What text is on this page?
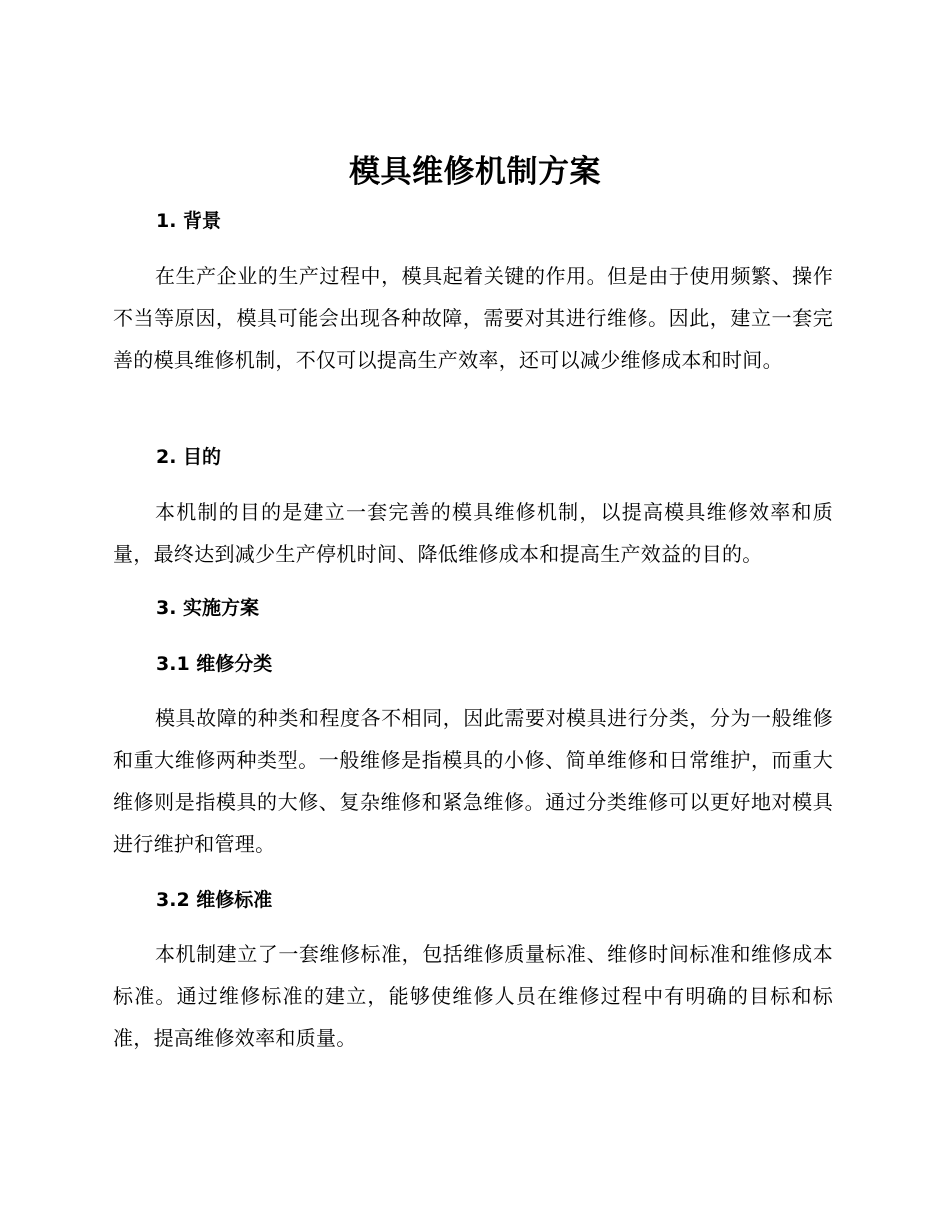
模具维修机制方案
1. 背景
在生产企业的生产过程中，模具起着关键的作用。但是由于使用频繁、操作不当等原因，模具可能会出现各种故障，需要对其进行维修。因此，建立一套完善的模具维修机制，不仅可以提高生产效率，还可以减少维修成本和时间。
2. 目的
本机制的目的是建立一套完善的模具维修机制，以提高模具维修效率和质量，最终达到减少生产停机时间、降低维修成本和提高生产效益的目的。
3. 实施方案
3.1 维修分类
模具故障的种类和程度各不相同，因此需要对模具进行分类，分为一般维修和重大维修两种类型。一般维修是指模具的小修、简单维修和日常维护，而重大维修则是指模具的大修、复杂维修和紧急维修。通过分类维修可以更好地对模具进行维护和管理。
3.2 维修标准
本机制建立了一套维修标准，包括维修质量标准、维修时间标准和维修成本标准。通过维修标准的建立，能够使维修人员在维修过程中有明确的目标和标准，提高维修效率和质量。
